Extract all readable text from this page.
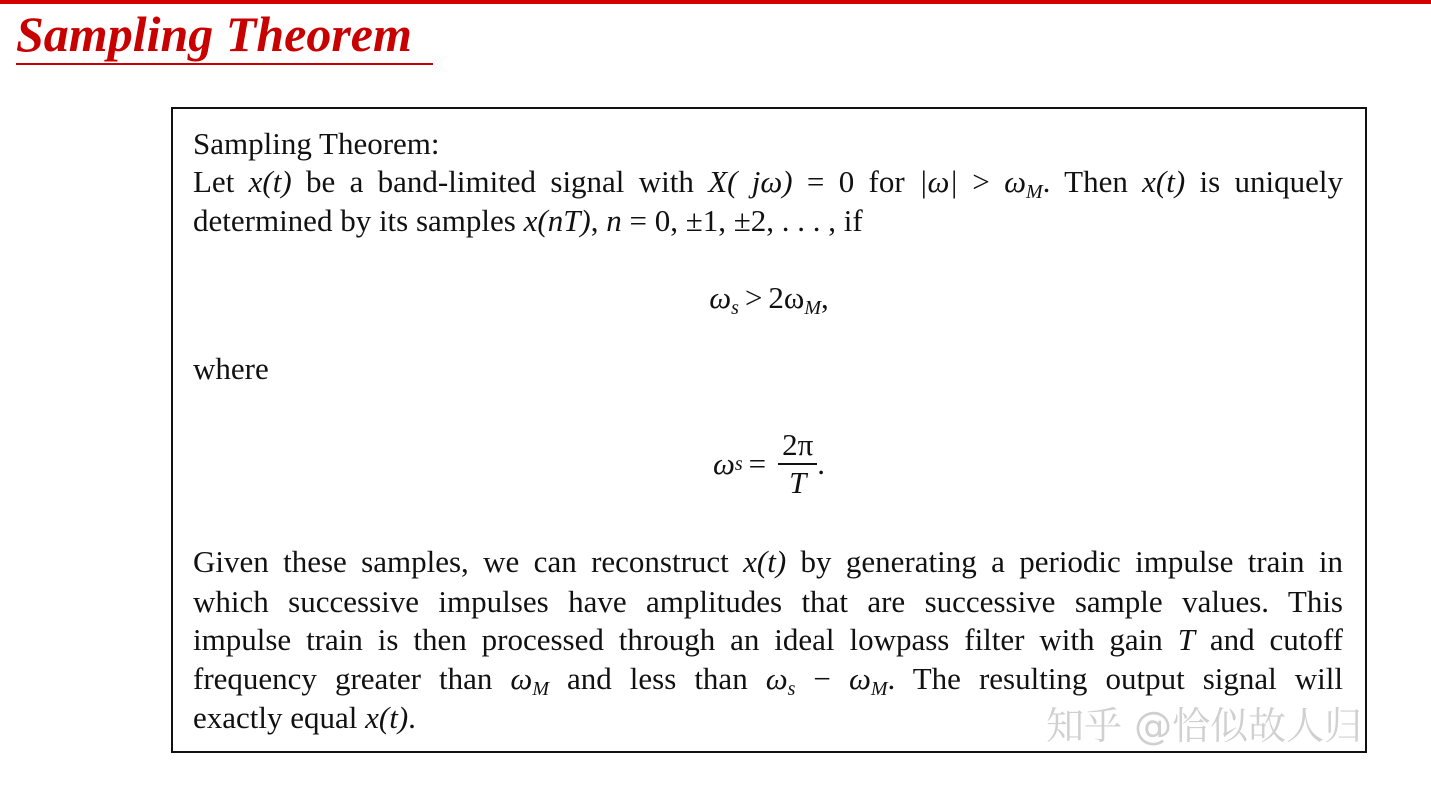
Sampling Theorem
Sampling Theorem:
Let x(t) be a band-limited signal with X( jω) = 0 for $|\omega| > \omega_M$. Then x(t) is uniquely
determined by its samples x(nT), n = 0, ±1, ±2, . . . , if
$\omega_s > 2\omega_M$,
where
ω $s = \frac{2\pi}{T}$ .
Given these samples, we can reconstruct x(t) by generating a periodic impulse train in
which successive impulses have amplitudes that are successive sample values. This
impulse train is then processed through an ideal lowpass filter with gain T and cutoff
frequency greater than $\omega_M$ and less than $\omega_s - \omega_M$. The resulting output signal will
exactly equal x(t).	知乎 @恰似故人归
